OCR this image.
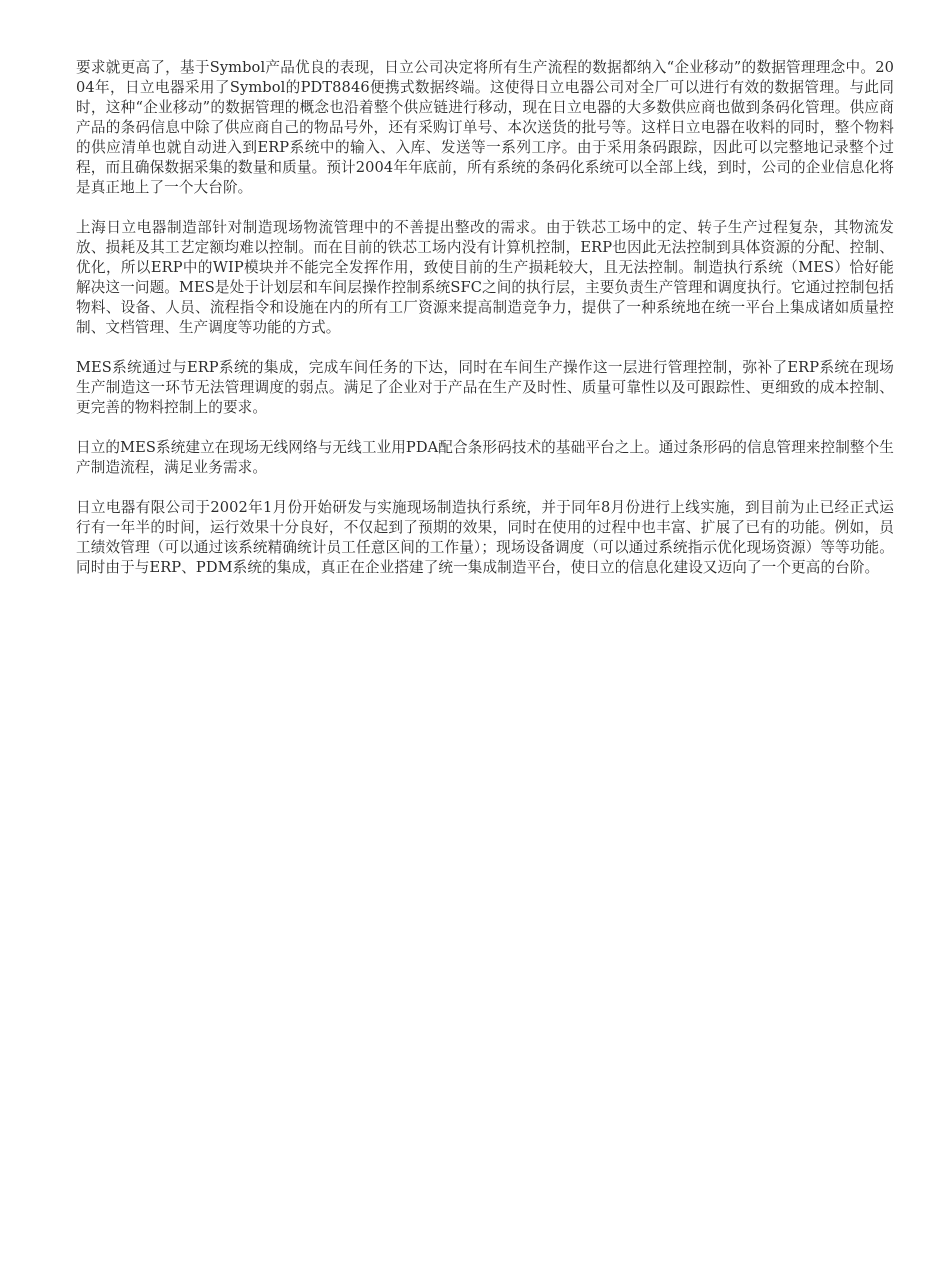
要求就更高了，基于Symbol产品优良的表现，日立公司决定将所有生产流程的数据都纳入“企业移动”的数据管理理念中。2004年，日立电器采用了Symbol的PDT8846便携式数据终端。这使得日立电器公司对全厂可以进行有效的数据管理。与此同时，这种“企业移动”的数据管理的概念也沿着整个供应链进行移动，现在日立电器的大多数供应商也做到条码化管理。供应商产品的条码信息中除了供应商自己的物品号外，还有采购订单号、本次送货的批号等。这样日立电器在收料的同时，整个物料的供应清单也就自动进入到ERP系统中的输入、入库、发送等一系列工序。由于采用条码跟踪，因此可以完整地记录整个过程，而且确保数据采集的数量和质量。预计2004年年底前，所有系统的条码化系统可以全部上线，到时，公司的企业信息化将是真正地上了一个大台阶。

上海日立电器制造部针对制造现场物流管理中的不善提出整改的需求。由于铁芯工场中的定、转子生产过程复杂，其物流发放、损耗及其工艺定额均难以控制。而在目前的铁芯工场内没有计算机控制，ERP也因此无法控制到具体资源的分配、控制、优化，所以ERP中的WIP模块并不能完全发挥作用，致使目前的生产损耗较大，且无法控制。制造执行系统（MES）恰好能解决这一问题。MES是处于计划层和车间层操作控制系统SFC之间的执行层，主要负责生产管理和调度执行。它通过控制包括物料、设备、人员、流程指令和设施在内的所有工厂资源来提高制造竞争力，提供了一种系统地在统一平台上集成诸如质量控制、文档管理、生产调度等功能的方式。

MES系统通过与ERP系统的集成，完成车间任务的下达，同时在车间生产操作这一层进行管理控制，弥补了ERP系统在现场生产制造这一环节无法管理调度的弱点。满足了企业对于产品在生产及时性、质量可靠性以及可跟踪性、更细致的成本控制、更完善的物料控制上的要求。

日立的MES系统建立在现场无线网络与无线工业用PDA配合条形码技术的基础平台之上。通过条形码的信息管理来控制整个生产制造流程，满足业务需求。

日立电器有限公司于2002年1月份开始研发与实施现场制造执行系统，并于同年8月份进行上线实施，到目前为止已经正式运行有一年半的时间，运行效果十分良好，不仅起到了预期的效果，同时在使用的过程中也丰富、扩展了已有的功能。例如，员工绩效管理（可以通过该系统精确统计员工任意区间的工作量）；现场设备调度（可以通过系统指示优化现场资源）等等功能。同时由于与ERP、PDM系统的集成，真正在企业搭建了统一集成制造平台，使日立的信息化建设又迈向了一个更高的台阶。
